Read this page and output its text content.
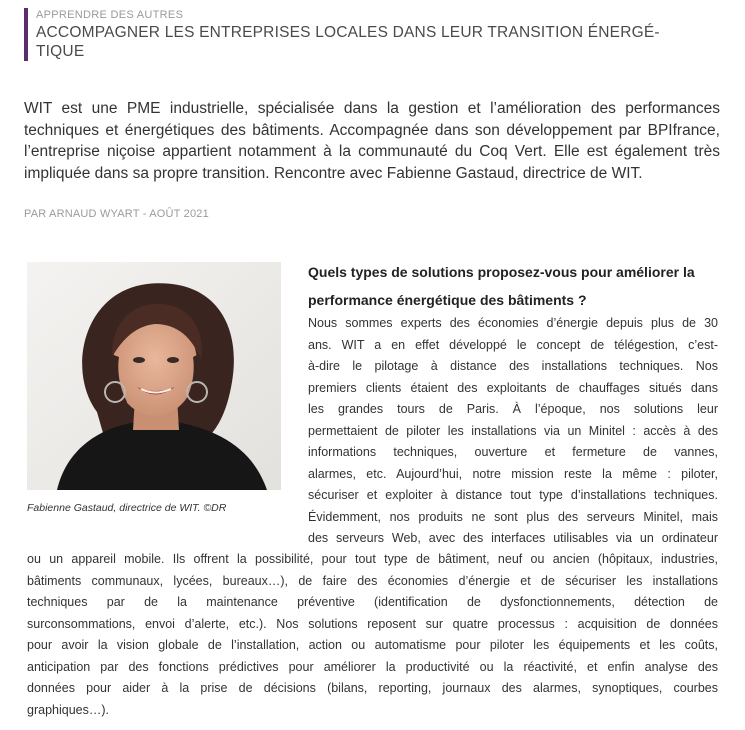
APPRENDRE DES AUTRES
ACCOMPAGNER LES ENTREPRISES LOCALES DANS LEUR TRANSITION ÉNERGÉ-
TIQUE
WIT est une PME industrielle, spécialisée dans la gestion et l’amélioration des performances techniques et énergétiques des bâtiments. Accompagnée dans son développement par BPIfrance, l’entreprise niçoise appartient notamment à la communauté du Coq Vert. Elle est également très impliquée dans sa propre transition. Rencontre avec Fabienne Gastaud, directrice de WIT.
PAR ARNAUD WYART - AOÛT 2021
Fabienne Gastaud, directrice de WIT. ©DR
Quels types de solutions proposez-vous pour améliorer la performance énergétique des bâtiments ?
Nous sommes experts des économies d’énergie depuis plus de 30
ans. WIT a en effet développé le concept de télégestion, c’est-
à-dire le pilotage à distance des installations techniques. Nos
premiers clients étaient des exploitants de chauffages situés dans
les grandes tours de Paris. À l’époque, nos solutions leur
permettaient de piloter les installations via un Minitel : accès à des
informations techniques, ouverture et fermeture de vannes,
alarmes, etc. Aujourd’hui, notre mission reste la même : piloter,
sécuriser et exploiter à distance tout type d’installations techniques.
Évidemment, nos produits ne sont plus des serveurs Minitel, mais
des serveurs Web, avec des interfaces utilisables via un ordinateur
ou un appareil mobile. Ils offrent la possibilité, pour tout type de bâtiment, neuf ou ancien (hôpitaux, industries,
bâtiments communaux, lycées, bureaux…), de faire des économies d’énergie et de sécuriser les installations
techniques par de la maintenance préventive (identification de dysfonctionnements, détection de
surconsommations, envoi d’alerte, etc.). Nos solutions reposent sur quatre processus : acquisition de données
pour avoir la vision globale de l’installation, action ou automatisme pour piloter les équipements et les coûts,
anticipation par des fonctions prédictives pour améliorer la productivité ou la réactivité, et enfin analyse des
données pour aider à la prise de décisions (bilans, reporting, journaux des alarmes, synoptiques, courbes
graphiques…).
